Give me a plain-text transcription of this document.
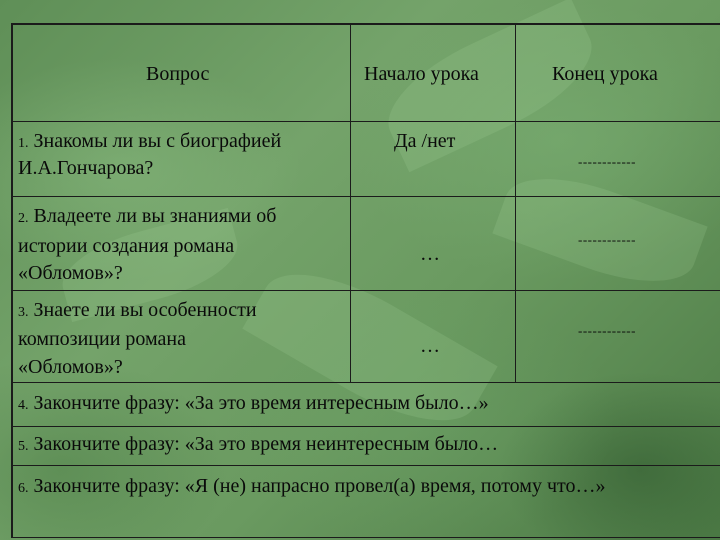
Вопрос	Начало урока	Конец урока
1. Знакомы ли вы с биографией И.А.Гончарова?
Да /нет
------------
2. Владеете ли вы знаниями об
истории создания романа
«Обломов»?
…
------------
3. Знаете ли вы особенности
композиции романа
«Обломов»?
…
------------
4. Закончите фразу: «За это время интересным было…»
5. Закончите фразу: «За это время неинтересным было…
6. Закончите фразу: «Я (не) напрасно провел(а) время, потому что…»
